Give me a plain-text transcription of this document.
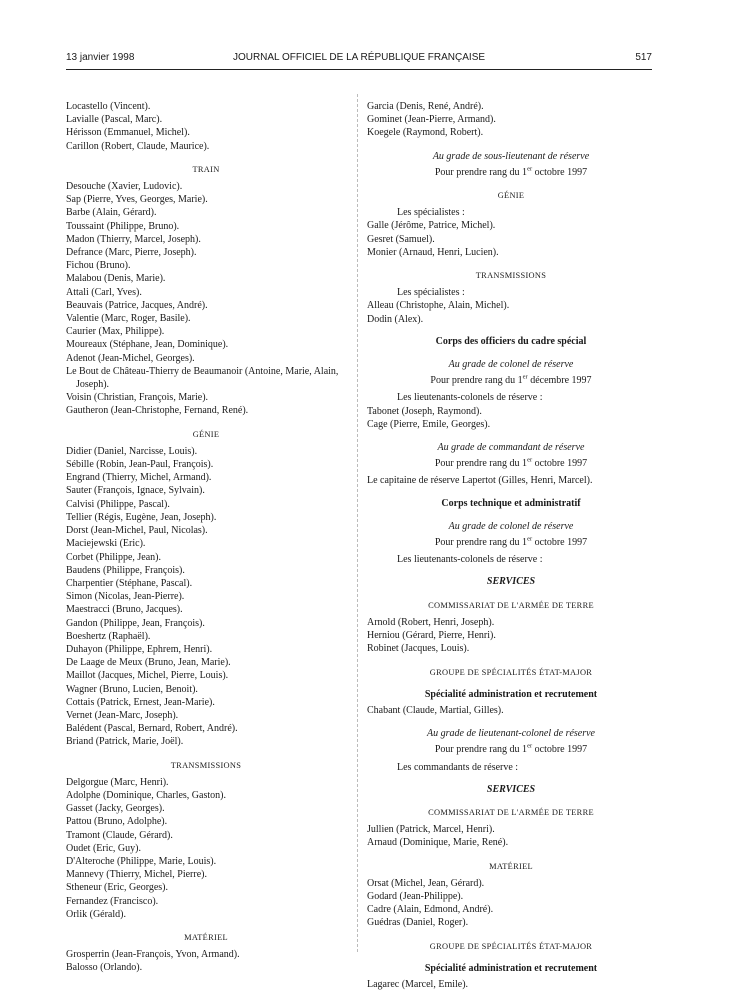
13 janvier 1998	JOURNAL OFFICIEL DE LA RÉPUBLIQUE FRANÇAISE	517
Locastello (Vincent).
Lavialle (Pascal, Marc).
Hérisson (Emmanuel, Michel).
Carillon (Robert, Claude, Maurice).
TRAIN
Desouche (Xavier, Ludovic).
Sap (Pierre, Yves, Georges, Marie).
Barbe (Alain, Gérard).
Toussaint (Philippe, Bruno).
Madon (Thierry, Marcel, Joseph).
Defrance (Marc, Pierre, Joseph).
Fichou (Bruno).
Malabou (Denis, Marie).
Attali (Carl, Yves).
Beauvais (Patrice, Jacques, André).
Valentie (Marc, Roger, Basile).
Caurier (Max, Philippe).
Moureaux (Stéphane, Jean, Dominique).
Adenot (Jean-Michel, Georges).
Le Bout de Château-Thierry de Beaumanoir (Antoine, Marie, Alain, Joseph).
Voisin (Christian, François, Marie).
Gautheron (Jean-Christophe, Fernand, René).
GÉNIE
Didier (Daniel, Narcisse, Louis).
Sébille (Robin, Jean-Paul, François).
Engrand (Thierry, Michel, Armand).
Sauter (François, Ignace, Sylvain).
Calvisi (Philippe, Pascal).
Tellier (Régis, Eugène, Jean, Joseph).
Dorst (Jean-Michel, Paul, Nicolas).
Maciejewski (Eric).
Corbet (Philippe, Jean).
Baudens (Philippe, François).
Charpentier (Stéphane, Pascal).
Simon (Nicolas, Jean-Pierre).
Maestracci (Bruno, Jacques).
Gandon (Philippe, Jean, François).
Boeshertz (Raphaël).
Duhayon (Philippe, Ephrem, Henri).
De Laage de Meux (Bruno, Jean, Marie).
Maillot (Jacques, Michel, Pierre, Louis).
Wagner (Bruno, Lucien, Benoit).
Cottais (Patrick, Ernest, Jean-Marie).
Vernet (Jean-Marc, Joseph).
Balédent (Pascal, Bernard, Robert, André).
Briand (Patrick, Marie, Joël).
TRANSMISSIONS
Delgorgue (Marc, Henri).
Adolphe (Dominique, Charles, Gaston).
Gasset (Jacky, Georges).
Pattou (Bruno, Adolphe).
Tramont (Claude, Gérard).
Oudet (Eric, Guy).
D'Alteroche (Philippe, Marie, Louis).
Mannevy (Thierry, Michel, Pierre).
Stheneur (Eric, Georges).
Fernandez (Francisco).
Orlik (Gérald).
MATÉRIEL
Grosperrin (Jean-François, Yvon, Armand).
Balosso (Orlando).
Garcia (Denis, René, André).
Gominet (Jean-Pierre, Armand).
Koegele (Raymond, Robert).
Au grade de sous-lieutenant de réserve
Pour prendre rang du 1er octobre 1997
GÉNIE
Les spécialistes :
Galle (Jérôme, Patrice, Michel).
Gesret (Samuel).
Monier (Arnaud, Henri, Lucien).
TRANSMISSIONS
Les spécialistes :
Alleau (Christophe, Alain, Michel).
Dodin (Alex).
Corps des officiers du cadre spécial
Au grade de colonel de réserve
Pour prendre rang du 1er décembre 1997
Les lieutenants-colonels de réserve :
Tabonet (Joseph, Raymond).
Cage (Pierre, Emile, Georges).
Au grade de commandant de réserve
Pour prendre rang du 1er octobre 1997
Le capitaine de réserve Lapertot (Gilles, Henri, Marcel).
Corps technique et administratif
Au grade de colonel de réserve
Pour prendre rang du 1er octobre 1997
Les lieutenants-colonels de réserve :
SERVICES
COMMISSARIAT DE L'ARMÉE DE TERRE
Arnold (Robert, Henri, Joseph).
Herniou (Gérard, Pierre, Henri).
Robinet (Jacques, Louis).
GROUPE DE SPÉCIALITÉS ÉTAT-MAJOR
Spécialité administration et recrutement
Chabant (Claude, Martial, Gilles).
Au grade de lieutenant-colonel de réserve
Pour prendre rang du 1er octobre 1997
Les commandants de réserve :
SERVICES
COMMISSARIAT DE L'ARMÉE DE TERRE
Jullien (Patrick, Marcel, Henri).
Arnaud (Dominique, Marie, René).
MATÉRIEL
Orsat (Michel, Jean, Gérard).
Godard (Jean-Philippe).
Cadre (Alain, Edmond, André).
Guédras (Daniel, Roger).
GROUPE DE SPÉCIALITÉS ÉTAT-MAJOR
Spécialité administration et recrutement
Lagarec (Marcel, Emile).
